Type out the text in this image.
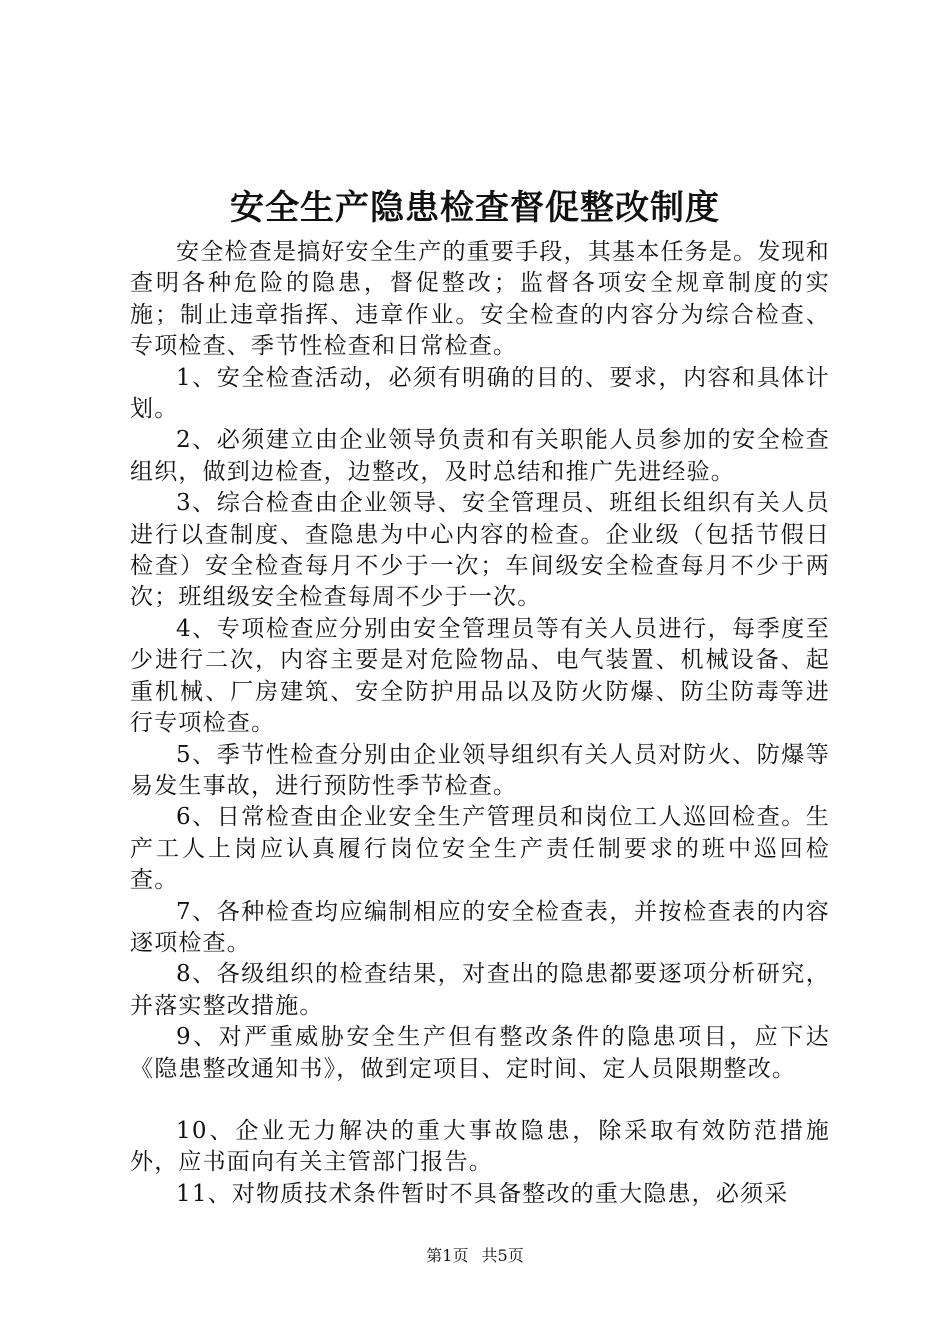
安全生产隐患检查督促整改制度

安全检查是搞好安全生产的重要手段，其基本任务是。发现和查明各种危险的隐患，督促整改；监督各项安全规章制度的实施；制止违章指挥、违章作业。安全检查的内容分为综合检查、专项检查、季节性检查和日常检查。

1、安全检查活动，必须有明确的目的、要求，内容和具体计划。

2、必须建立由企业领导负责和有关职能人员参加的安全检查组织，做到边检查，边整改，及时总结和推广先进经验。

3、综合检查由企业领导、安全管理员、班组长组织有关人员进行以查制度、查隐患为中心内容的检查。企业级（包括节假日检查）安全检查每月不少于一次；车间级安全检查每月不少于两次；班组级安全检查每周不少于一次。

4、专项检查应分别由安全管理员等有关人员进行，每季度至少进行二次，内容主要是对危险物品、电气装置、机械设备、起重机械、厂房建筑、安全防护用品以及防火防爆、防尘防毒等进行专项检查。

5、季节性检查分别由企业领导组织有关人员对防火、防爆等易发生事故，进行预防性季节检查。

6、日常检查由企业安全生产管理员和岗位工人巡回检查。生产工人上岗应认真履行岗位安全生产责任制要求的班中巡回检查。

7、各种检查均应编制相应的安全检查表，并按检查表的内容逐项检查。

8、各级组织的检查结果，对查出的隐患都要逐项分析研究，并落实整改措施。

9、对严重威胁安全生产但有整改条件的隐患项目，应下达《隐患整改通知书》，做到定项目、定时间、定人员限期整改。

10、企业无力解决的重大事故隐患，除采取有效防范措施外，应书面向有关主管部门报告。

11、对物质技术条件暂时不具备整改的重大隐患，必须采

第1页 共5页
